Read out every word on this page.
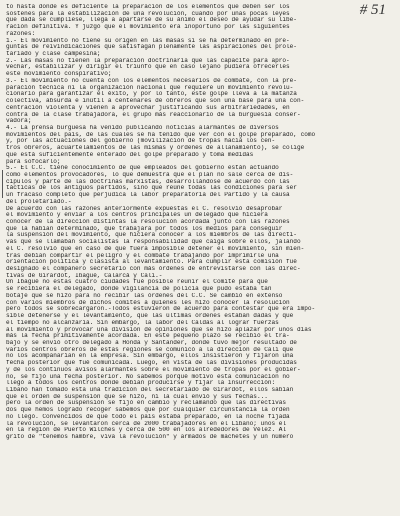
# 51
to hasta donde es deficiente la preparación de los elementos que deben ser los
sostenes para la estabilización de una revolución, cuando por unas pocas leyes
que dada se cumpliese, llega a apartarse de su ánimo el deseo de ayudar su libe-
ración definitiva. Y juzgó que el movimiento era inoportuno por las siguientes
razones:
1.- El movimiento no tiene su origen en las masas si se ha determinado en pre-
guntas de reivindicaciones que satisfagan plenamente las aspiraciones del prole-
tariado y clase campesina;
2.- Las masas no tienen la preparación doctrinaria que las capacite para apro-
vechar, estabilizar y dirigir el triunfo que en caso lejano pudiera ofrecerles
este movimiento conspirativo;
3.- El movimiento no cuenta con los elementos necesarios de combate, con la pre-
paración técnica ni la organización nacional que requiere un movimiento revolu-
cionario para garantizar el éxito, y por lo tanto, este golpe lleva a la matanza
colectiva, absurda e inútil a centenares de obreros que son una base para una con-
centración violenta y vienen a aprovechar justificando sus arbitrariedades, en
contra de la clase trabajadora, el grupo más reaccionario de la burguesía conser-
vadora;
4.- La prensa burguesa ha venido publicando noticias alarmantes de diversos
movimientos del país, de las cuales se ha tenido que ver con el golpe preparado, como
y, por las actuaciones del gobierno (movilización de tropas hacia los cen-
tros obreros, acuartelamientos de las mismas y órdenes de allanamiento), se colige
que está suficientemente enterado del golpe preparado y toma medidas
para sofocarlo;
5.- El C.C. tiene conocimiento de que empleados del gobierno están actuando
como elementos provocadores, lo que demuestra que el plan no sale cerca de dis-
cípulos y parte de las doctrinas marxistas, desarrollándose de acuerdo con las
tácticas de los antiguos partidos, sino que reúne todas las condiciones para ser
un fracaso completo que perjudica la labor preparatoria del Partido y la causa
del proletariado.-
De acuerdo con las razones anteriormente expuestas el C. resolvió desaprobar
el movimiento y enviar a los centros principales un delegado que hiciera
conocer de la dirección distintas la resolución acordada junto con las razones
que la habían determinado, que trabajara por todos los medios para conseguir
la suspensión del movimiento, que hiciera conocer a los miembros de las directi-
vas que se llamaban socialistas la responsabilidad que caiga sobre ellos, jalando
el C. resolvió que en caso de que fuera imposible detener el movimiento, sin mien-
tras debían compartir el peligro y el combate trabajando por imprimirle una
orientación política y clasista al levantamiento. Para cumplir esta comisión fué
designado el compañero secretario con más órdenes de entrevistarse con las direc-
tivas de Girardot, Ibagué, Calarcá y Cali.-
Un Ibagué no estas cuatro ciudades fué posible reunir el Comité para que
se recibiera el delegado, donde vigilancia de policía que pudo estaba tan
botaje que se hizo para no recibir las órdenes del C.C. Se cambió en extenso
con varios miembros de dichos comités a quienes les hizo conocer la resolución
pero todos se sobrecargaron.-Todos estuvieron de acuerdo para contestar que era impo-
sible detenerse y el levantamiento, que las últimas órdenes estaban dadas y que
el tiempo no alcanzaría. Sin embargo, la labor del Caldas al lograr fuerzas
al movimiento y provocar una división de opiniones que se hizo aplazar por unos días
más la fecha primitivamente acordada. En este pequeño plazo se recibió el tra-
bajo y se envió otro delegado a Honda y Santander, donde tuvo mejor resultado de
varios centros obreros de estas regiones se comunicó a la dirección de Cali que
no los acompañarían en la empresa. Sin embargo, ellos insistieron y fijaron una
fecha posterior que fué comunicada. Luego, en vista de las divisiones producidas
y de los continuos avisos alarmantes sobre el movimiento de tropas por el gobier-
no, se fijó una fecha posterior. No sabemos porqué motivo esta comunicación no
llegó a todos los centros donde debían producirse y fijar la insurrección:
Líbano han tomado esta una tradición del secretariado de Girardot, ellos sabían
que el orden de suspensión que se hizo, ni la cual envió y sus fechas...
pero la orden de suspensión se fijó en cambio y reclamando que las directivas
dos que hemos logrado recoger sabemos que por cualquier circunstancia la orden
no llegó. Convencidos de que todo el país estaba preparado, en la noche fijada
la revolución, se levantaron cerca de 2000 trabajadores en el Líbano; unos el
en la región de Puerto Wilches y cerca de 500 en los alrededores de Vélez. Al
grito de "tenemos hambre, viva la revolución" y armados de machetes y un número
